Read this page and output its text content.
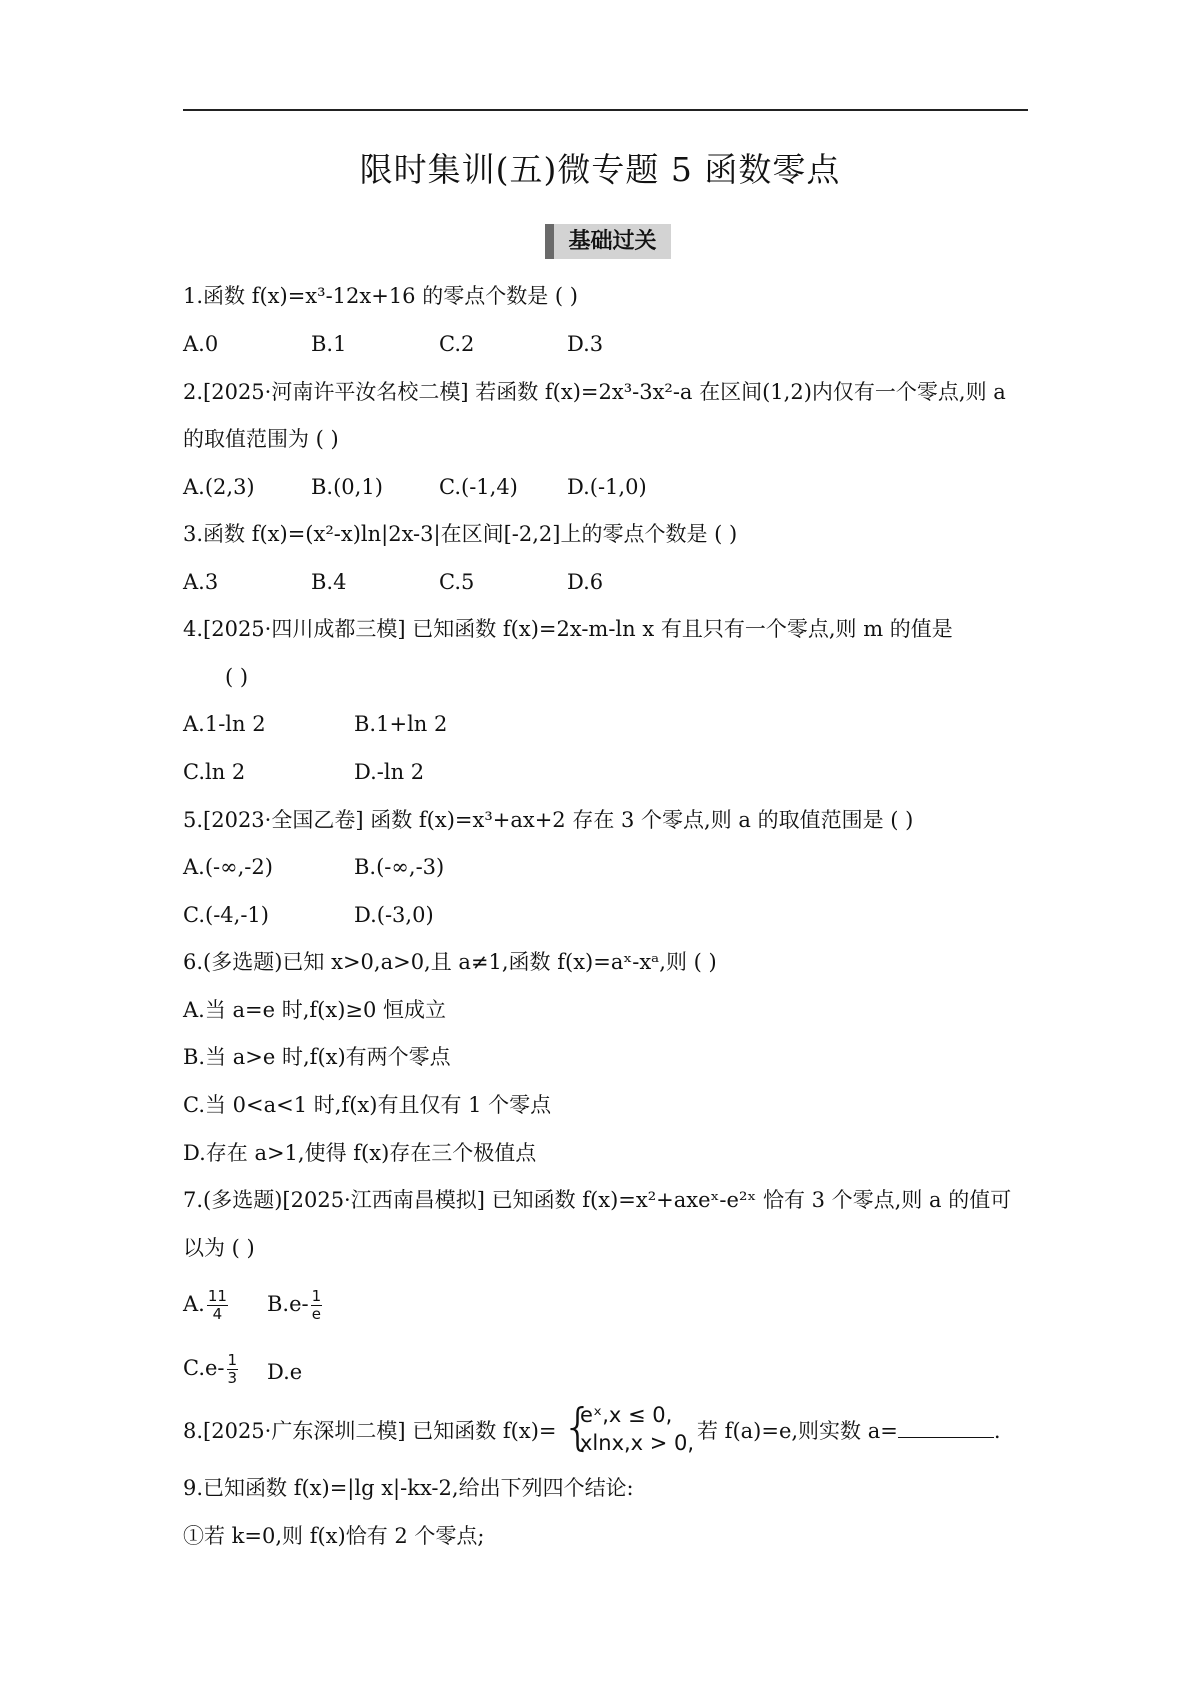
限时集训(五)微专题 5 函数零点
基础过关
1.函数 f(x)=x³-12x+16 的零点个数是 ( )
A.0	B.1	C.2	D.3
2.[2025·河南许平汝名校二模] 若函数 f(x)=2x³-3x²-a 在区间(1,2)内仅有一个零点,则 a
的取值范围为 ( )
A.(2,3)	B.(0,1)	C.(-1,4) D.(-1,0)
3.函数 f(x)=(x²-x)ln|2x-3|在区间[-2,2]上的零点个数是 ( )
A.3	B.4	C.5	D.6
4.[2025·四川成都三模] 已知函数 f(x)=2x-m-ln x 有且只有一个零点,则 m 的值是
( )
A.1-ln 2	B.1+ln 2
C.ln 2	D.-ln 2
5.[2023·全国乙卷] 函数 f(x)=x³+ax+2 存在 3 个零点,则 a 的取值范围是 ( )
A.(-∞,-2)	B.(-∞,-3)
C.(-4,-1)	D.(-3,0)
6.(多选题)已知 x>0,a>0,且 a≠1,函数 f(x)=aˣ-xᵃ,则 ( )
A.当 a=e 时,f(x)≥0 恒成立
B.当 a>e 时,f(x)有两个零点
C.当 0<a<1 时,f(x)有且仅有 1 个零点
D.存在 a>1,使得 f(x)存在三个极值点
7.(多选题)[2025·江西南昌模拟] 已知函数 f(x)=x²+axeˣ-e²ˣ 恰有 3 个零点,则 a 的值可
以为 ( )
A. $\frac{11}{4} B.e- \frac{1}{e}$
$C.e- \frac{1}{3} D.e$
8.[2025·广东深圳二模] 已知函数 f(x)= {
eˣ,x ≤ 0,
xlnx,x > 0, 若 f(a)=e,则实数 a=	.
9.已知函数 f(x)=|lg x|-kx-2,给出下列四个结论:
①若 k=0,则 f(x)恰有 2 个零点;
